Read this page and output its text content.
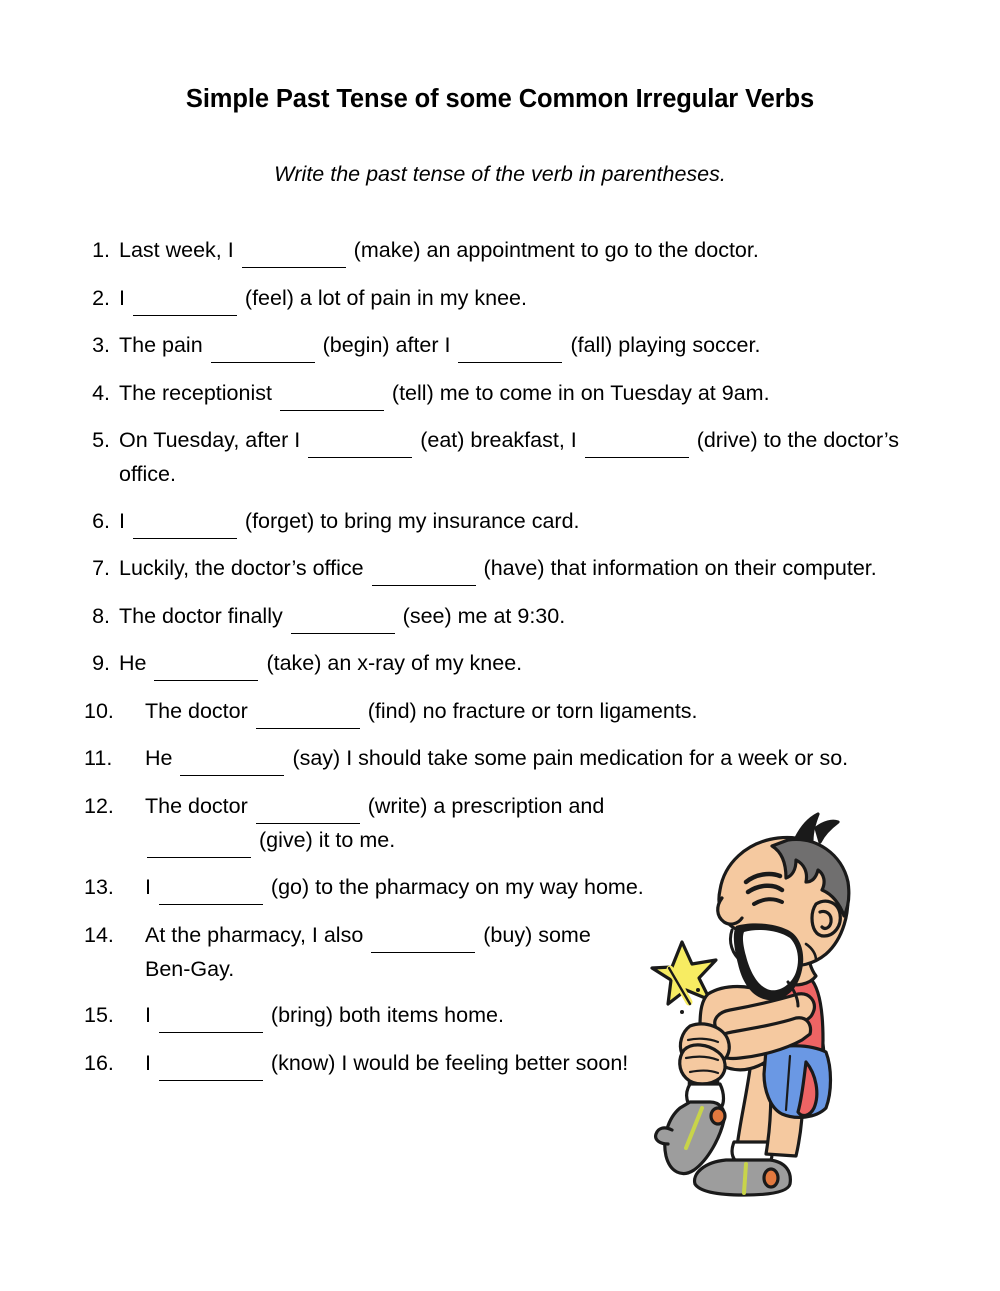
Simple Past Tense of some Common Irregular Verbs
Write the past tense of the verb in parentheses.
1. Last week, I	(make) an appointment to go to the doctor.
2. I	(feel) a lot of pain in my knee.
3. The pain	(begin) after I	(fall) playing soccer.
4. The receptionist	(tell) me to come in on Tuesday at 9am.
5. On Tuesday, after I	(eat) breakfast, I	(drive) to the doctor’s office.
6. I	(forget) to bring my insurance card.
7. Luckily, the doctor’s office	(have) that information on their computer.
8. The doctor finally	(see) me at 9:30.
9. He	(take) an x-ray of my knee.
10.	The doctor	(find) no fracture or torn ligaments.
11.	He	(say) I should take some pain medication for a week or so.
12.	The doctor	(write) a prescription and   (give) it to me.
13.	I	(go) to the pharmacy on my way home.
14.	At the pharmacy, I also	(buy) some Ben-Gay.
15.	I	(bring) both items home.
16.	I	(know) I would be feeling better soon!
